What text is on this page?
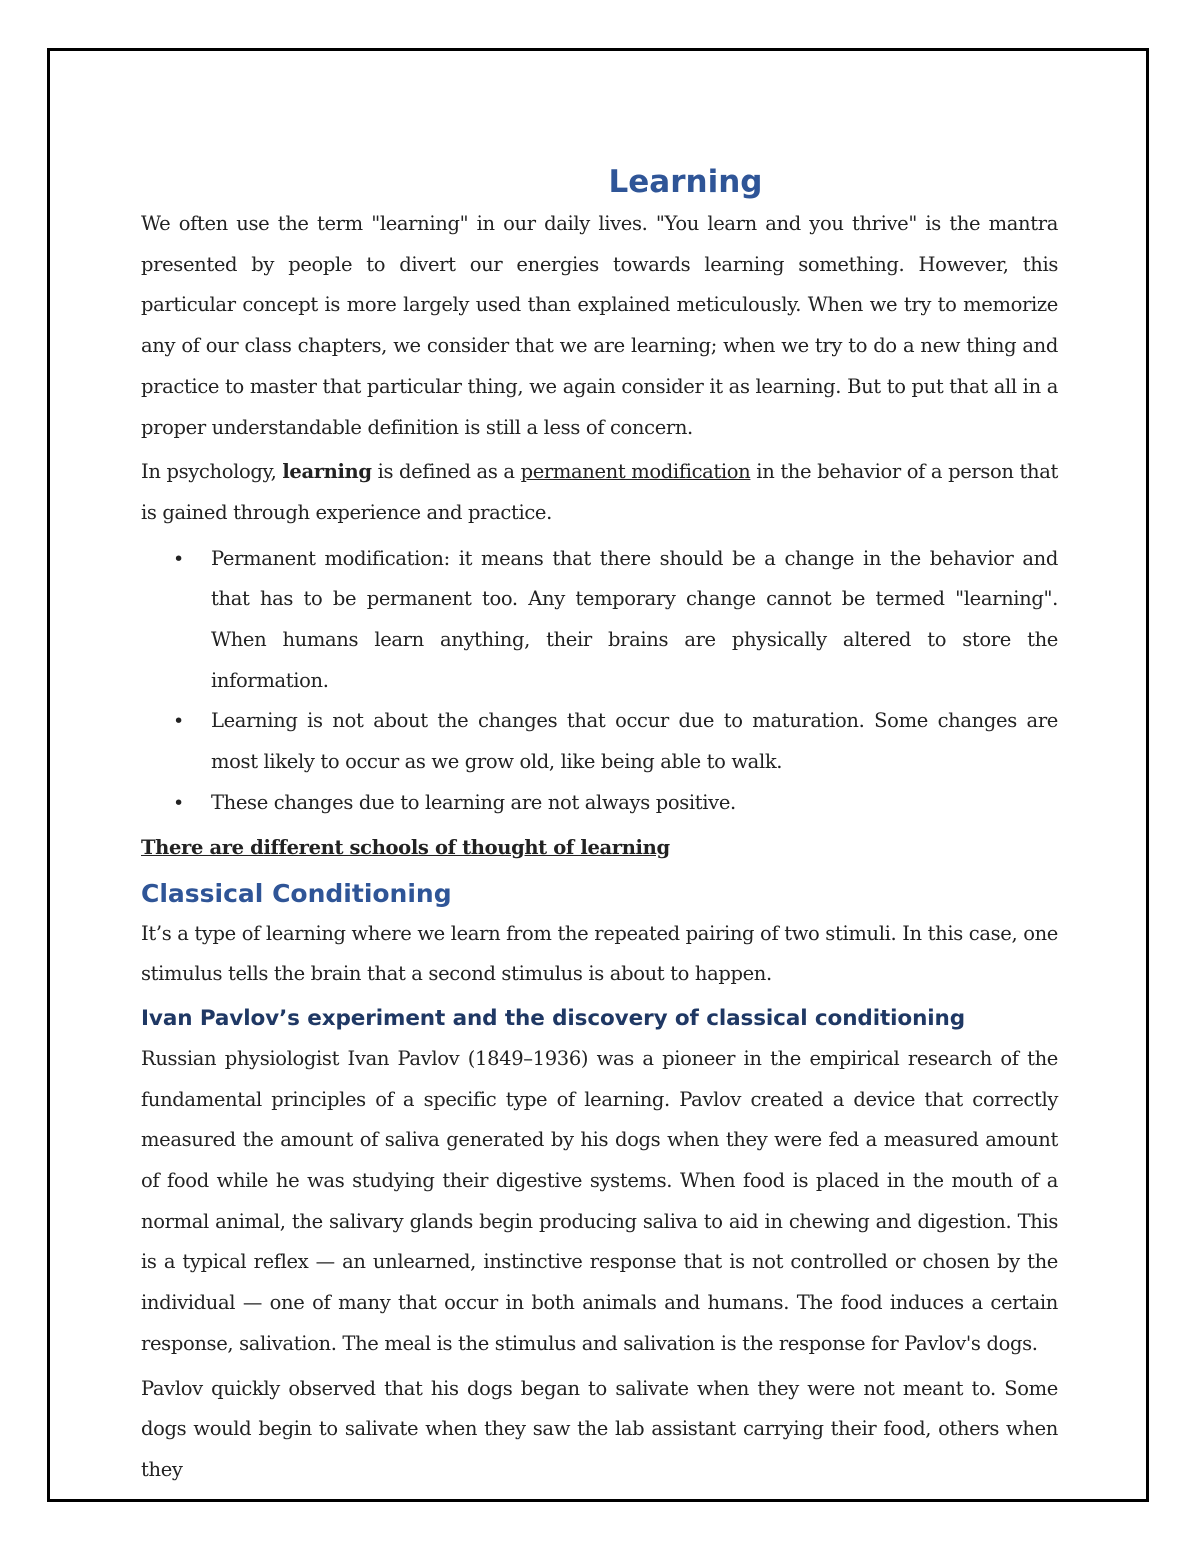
Learning

We often use the term "learning" in our daily lives. "You learn and you thrive" is the mantra presented by people to divert our energies towards learning something. However, this particular concept is more largely used than explained meticulously. When we try to memorize any of our class chapters, we consider that we are learning; when we try to do a new thing and practice to master that particular thing, we again consider it as learning. But to put that all in a proper understandable definition is still a less of concern.

In psychology, learning is defined as a permanent modification in the behavior of a person that is gained through experience and practice.

• Permanent modification: it means that there should be a change in the behavior and that has to be permanent too. Any temporary change cannot be termed "learning". When humans learn anything, their brains are physically altered to store the information.
• Learning is not about the changes that occur due to maturation. Some changes are most likely to occur as we grow old, like being able to walk.
• These changes due to learning are not always positive.
There are different schools of thought of learning
Classical Conditioning

It’s a type of learning where we learn from the repeated pairing of two stimuli. In this case, one stimulus tells the brain that a second stimulus is about to happen.

Ivan Pavlov’s experiment and the discovery of classical conditioning

Russian physiologist Ivan Pavlov (1849–1936) was a pioneer in the empirical research of the fundamental principles of a specific type of learning. Pavlov created a device that correctly measured the amount of saliva generated by his dogs when they were fed a measured amount of food while he was studying their digestive systems. When food is placed in the mouth of a normal animal, the salivary glands begin producing saliva to aid in chewing and digestion. This is a typical reflex — an unlearned, instinctive response that is not controlled or chosen by the individual — one of many that occur in both animals and humans. The food induces a certain response, salivation. The meal is the stimulus and salivation is the response for Pavlov's dogs.

Pavlov quickly observed that his dogs began to salivate when they were not meant to. Some dogs would begin to salivate when they saw the lab assistant carrying their food, others when they
